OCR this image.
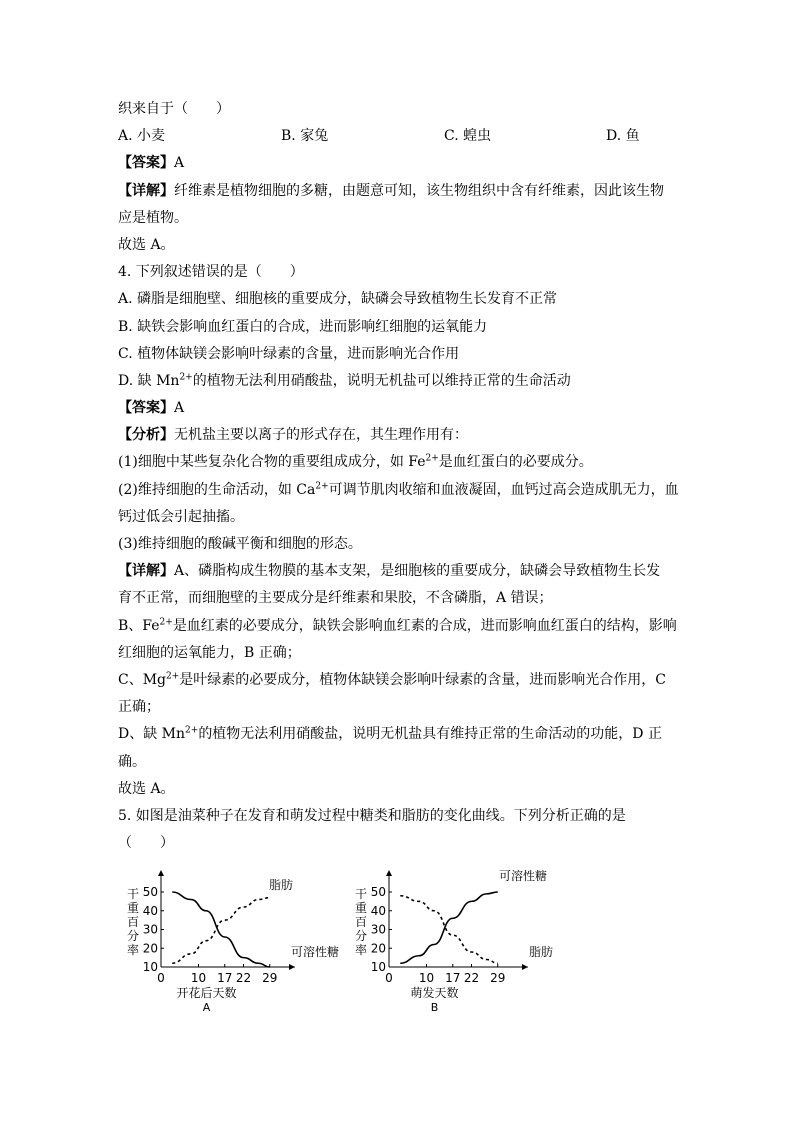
织来自于（　　）
A. 小麦	B. 家兔	C. 蝗虫	D. 鱼
【答案】A
【详解】纤维素是植物细胞的多糖，由题意可知，该生物组织中含有纤维素，因此该生物
应是植物。
故选 A。
4. 下列叙述错误的是（　　）
A. 磷脂是细胞壁、细胞核的重要成分，缺磷会导致植物生长发育不正常
B. 缺铁会影响血红蛋白的合成，进而影响红细胞的运氧能力
C. 植物体缺镁会影响叶绿素的含量，进而影响光合作用
D. 缺 $Mn^{2+}$的植物无法利用硝酸盐，说明无机盐可以维持正常的生命活动
【答案】A
【分析】无机盐主要以离子的形式存在，其生理作用有：
(1)细胞中某些复杂化合物的重要组成成分，如 $Fe^{2+}$是血红蛋白的必要成分。
(2)维持细胞的生命活动，如 $Ca^{2+}$可调节肌肉收缩和血液凝固，血钙过高会造成肌无力，血
钙过低会引起抽搐。
(3)维持细胞的酸碱平衡和细胞的形态。
【详解】A、磷脂构成生物膜的基本支架，是细胞核的重要成分，缺磷会导致植物生长发
育不正常，而细胞壁的主要成分是纤维素和果胶，不含磷脂，A 错误；
B、$Fe^{2+}$是血红素的必要成分，缺铁会影响血红素的合成，进而影响血红蛋白的结构，影响
红细胞的运氧能力，B 正确；
C、$Mg^{2+}$是叶绿素的必要成分，植物体缺镁会影响叶绿素的含量，进而影响光合作用，C
正确；
D、缺 $Mn^{2+}$的植物无法利用硝酸盐，说明无机盐具有维持正常的生命活动的功能，D 正
确。
故选 A。
5. 如图是油菜种子在发育和萌发过程中糖类和脂肪的变化曲线。下列分析正确的是
（　　）
10
20
30
40
50
0 10 17 22 29
干
重
百
分
率
开花后天数
A
脂肪
可溶性糖
10
20
30
40
50
0 10 17 22 29
干
重
百
分
率
萌发天数
B
可溶性糖
脂肪
